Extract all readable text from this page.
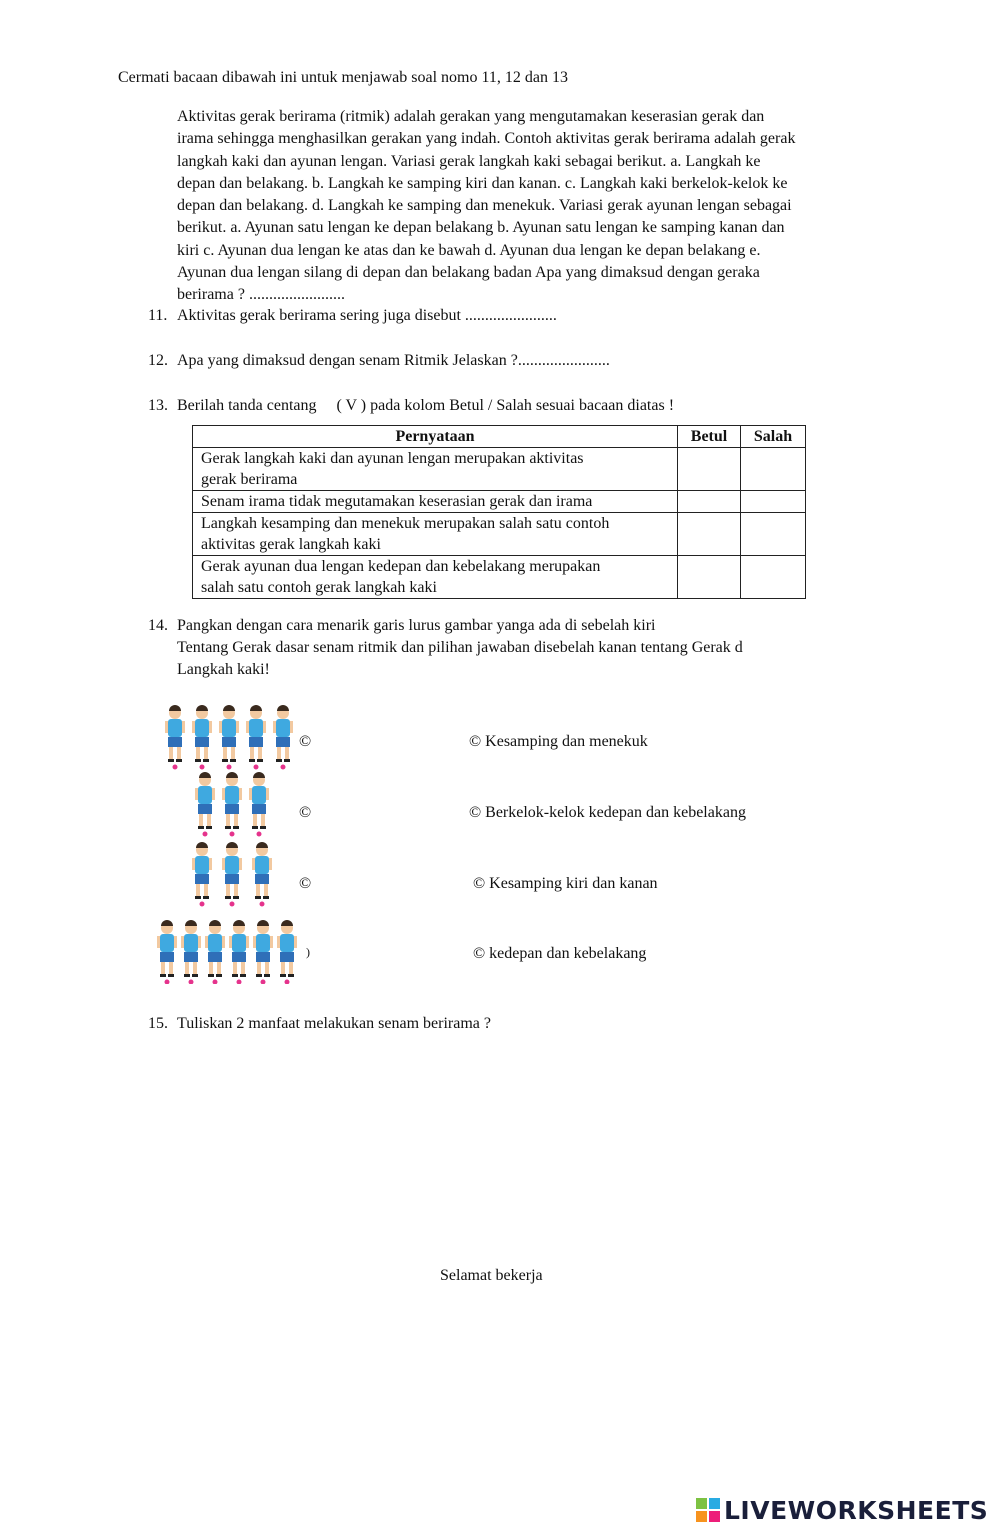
Cermati bacaan dibawah ini untuk menjawab soal nomo 11, 12 dan 13
Aktivitas gerak berirama (ritmik) adalah gerakan yang mengutamakan keserasian gerak dan
irama sehingga menghasilkan gerakan yang indah. Contoh aktivitas gerak berirama adalah gerak
langkah kaki dan ayunan lengan. Variasi gerak langkah kaki sebagai berikut. a. Langkah ke
depan dan belakang. b. Langkah ke samping kiri dan kanan. c. Langkah kaki berkelok-kelok ke
depan dan belakang. d. Langkah ke samping dan menekuk. Variasi gerak ayunan lengan sebagai
berikut. a. Ayunan satu lengan ke depan belakang b. Ayunan satu lengan ke samping kanan dan
kiri c. Ayunan dua lengan ke atas dan ke bawah d. Ayunan dua lengan ke depan belakang e.
Ayunan dua lengan silang di depan dan belakang badan Apa yang dimaksud dengan geraka
berirama ? ........................
11. Aktivitas gerak berirama sering juga disebut .......................
12. Apa yang dimaksud dengan senam Ritmik Jelaskan ?.......................
13. Berilah tanda centang     ( V ) pada kolom Betul / Salah sesuai bacaan diatas !
Pernyataan	Betul	Salah

Gerak langkah kaki dan ayunan lengan merupakan aktivitas
gerak berirama		

Senam irama tidak megutamakan keserasian gerak dan irama		

Langkah kesamping dan menekuk merupakan salah satu contoh
aktivitas gerak langkah kaki		

Gerak ayunan dua lengan kedepan dan kebelakang merupakan
salah satu contoh gerak langkah kaki		

14. Pangkan dengan cara menarik garis lurus gambar yanga ada di sebelah kiri
Tentang Gerak dasar senam ritmik dan pilihan jawaban disebelah kanan tentang Gerak d
Langkah kaki!
©
©
©
)
© Kesamping dan menekuk
© Berkelok-kelok kedepan dan kebelakang
© Kesamping kiri dan kanan
© kedepan dan kebelakang
15. Tuliskan 2 manfaat melakukan senam berirama ?
Selamat bekerja
LIVEWORKSHEETS
